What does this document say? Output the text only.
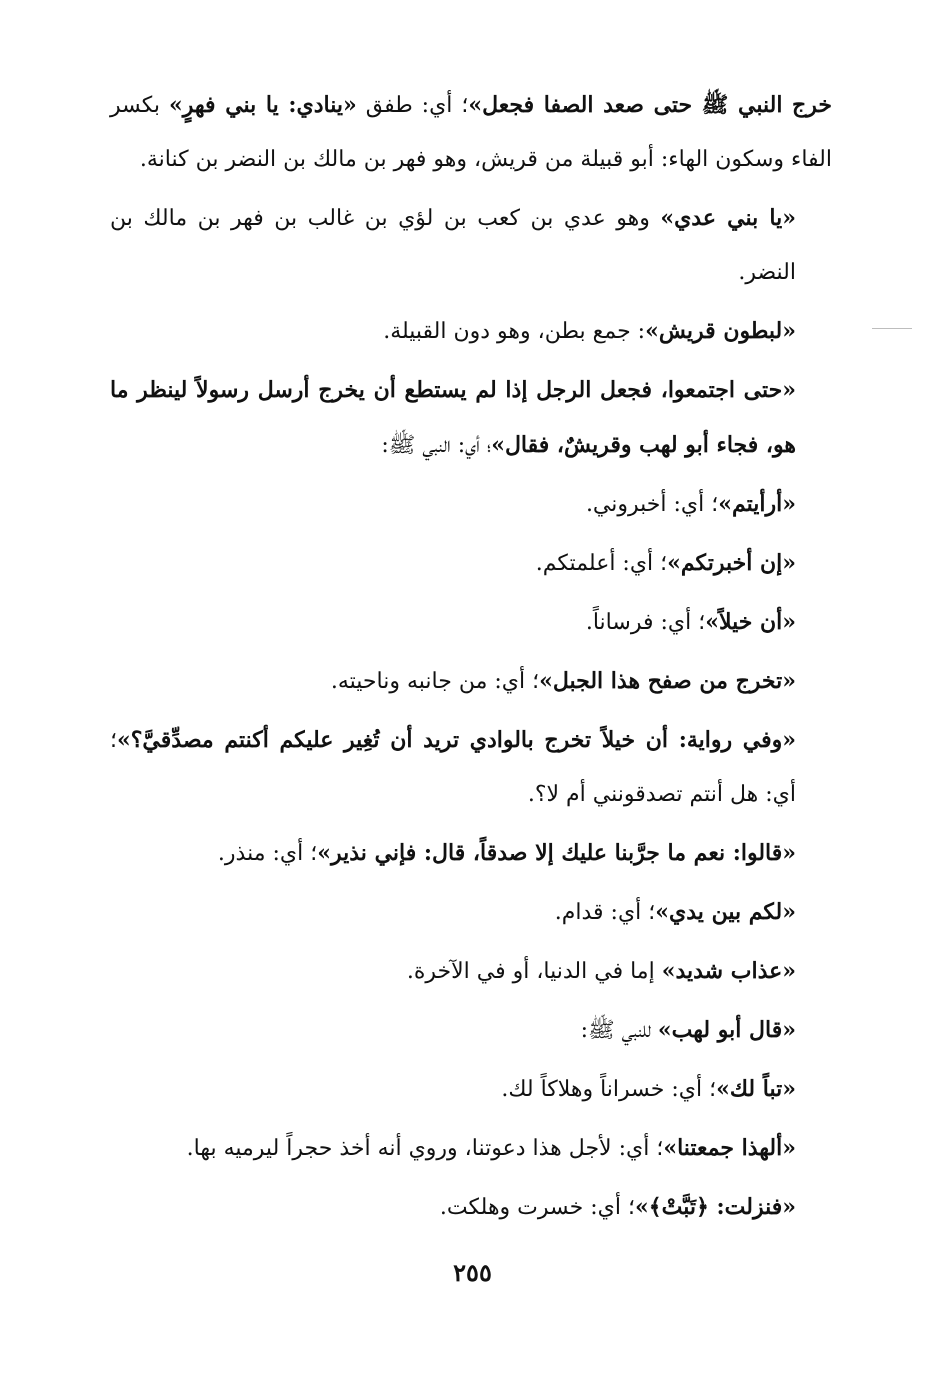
خرج النبي ﷺ حتى صعد الصفا فجعل»؛ أي: طفق «ينادي: يا بني فهرٍ» بكسر الفاء وسكون الهاء: أبو قبيلة من قريش، وهو فهر بن مالك بن النضر بن كنانة.

«يا بني عدي» وهو عدي بن كعب بن لؤي بن غالب بن فهر بن مالك بن النضر.

«لبطون قريش»: جمع بطن، وهو دون القبيلة.

«حتى اجتمعوا، فجعل الرجل إذا لم يستطع أن يخرج أرسل رسولاً لينظر ما هو، فجاء أبو لهب وقريشٌ، فقال»؛ أي: النبي ﷺ:

«أرأيتم»؛ أي: أخبروني.

«إن أخبرتكم»؛ أي: أعلمتكم.

«أن خيلاً»؛ أي: فرساناً.

«تخرج من صفح هذا الجبل»؛ أي: من جانبه وناحيته.

«وفي رواية: أن خيلاً تخرج بالوادي تريد أن تُغِير عليكم أكنتم مصدِّقيَّ؟»؛ أي: هل أنتم تصدقونني أم لا؟.

«قالوا: نعم ما جرَّبنا عليك إلا صدقاً، قال: فإني نذير»؛ أي: منذر.

«لكم بين يدي»؛ أي: قدام.

«عذاب شديد» إما في الدنيا، أو في الآخرة.

«قال أبو لهب» للنبي ﷺ:

«تباً لك»؛ أي: خسراناً وهلاكاً لك.

«ألهذا جمعتنا»؛ أي: لأجل هذا دعوتنا، وروي أنه أخذ حجراً ليرميه بها.

«فنزلت: ﴿تَبَّتْ﴾»؛ أي: خسرت وهلكت.

٢٥٥
